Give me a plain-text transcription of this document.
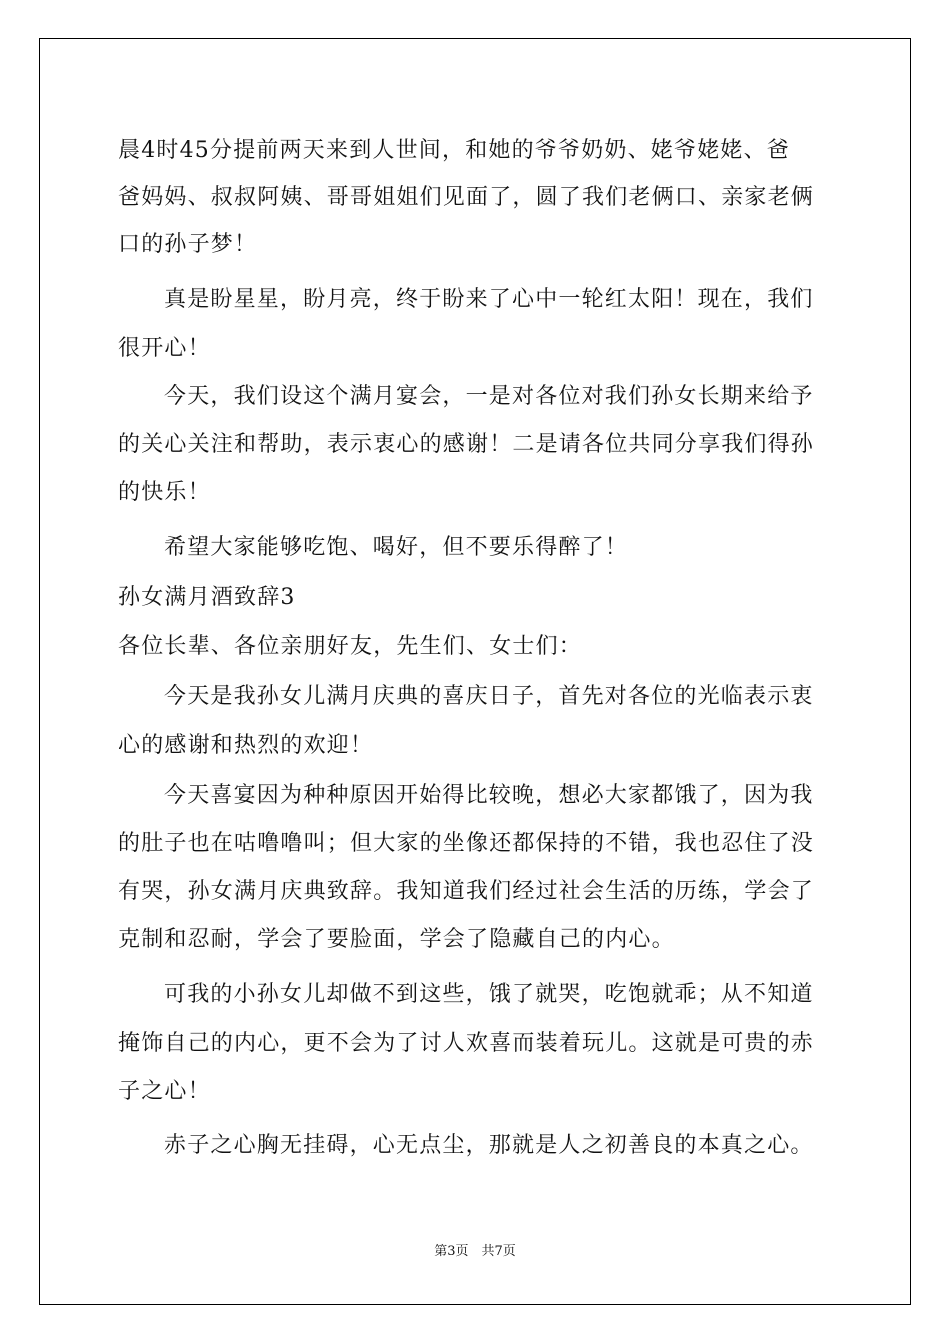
晨4时45分提前两天来到人世间，和她的爷爷奶奶、姥爷姥姥、爸
爸妈妈、叔叔阿姨、哥哥姐姐们见面了，圆了我们老俩口、亲家老俩
口的孙子梦！
真是盼星星，盼月亮，终于盼来了心中一轮红太阳！现在，我们
很开心！
今天，我们设这个满月宴会，一是对各位对我们孙女长期来给予
的关心关注和帮助，表示衷心的感谢！二是请各位共同分享我们得孙
的快乐！
希望大家能够吃饱、喝好，但不要乐得醉了！
孙女满月酒致辞3
各位长辈、各位亲朋好友，先生们、女士们：
今天是我孙女儿满月庆典的喜庆日子，首先对各位的光临表示衷
心的感谢和热烈的欢迎！
今天喜宴因为种种原因开始得比较晚，想必大家都饿了，因为我
的肚子也在咕噜噜叫；但大家的坐像还都保持的不错，我也忍住了没
有哭，孙女满月庆典致辞。我知道我们经过社会生活的历练，学会了
克制和忍耐，学会了要脸面，学会了隐藏自己的内心。
可我的小孙女儿却做不到这些，饿了就哭，吃饱就乖；从不知道
掩饰自己的内心，更不会为了讨人欢喜而装着玩儿。这就是可贵的赤
子之心！
赤子之心胸无挂碍，心无点尘，那就是人之初善良的本真之心。
第3页　共7页
